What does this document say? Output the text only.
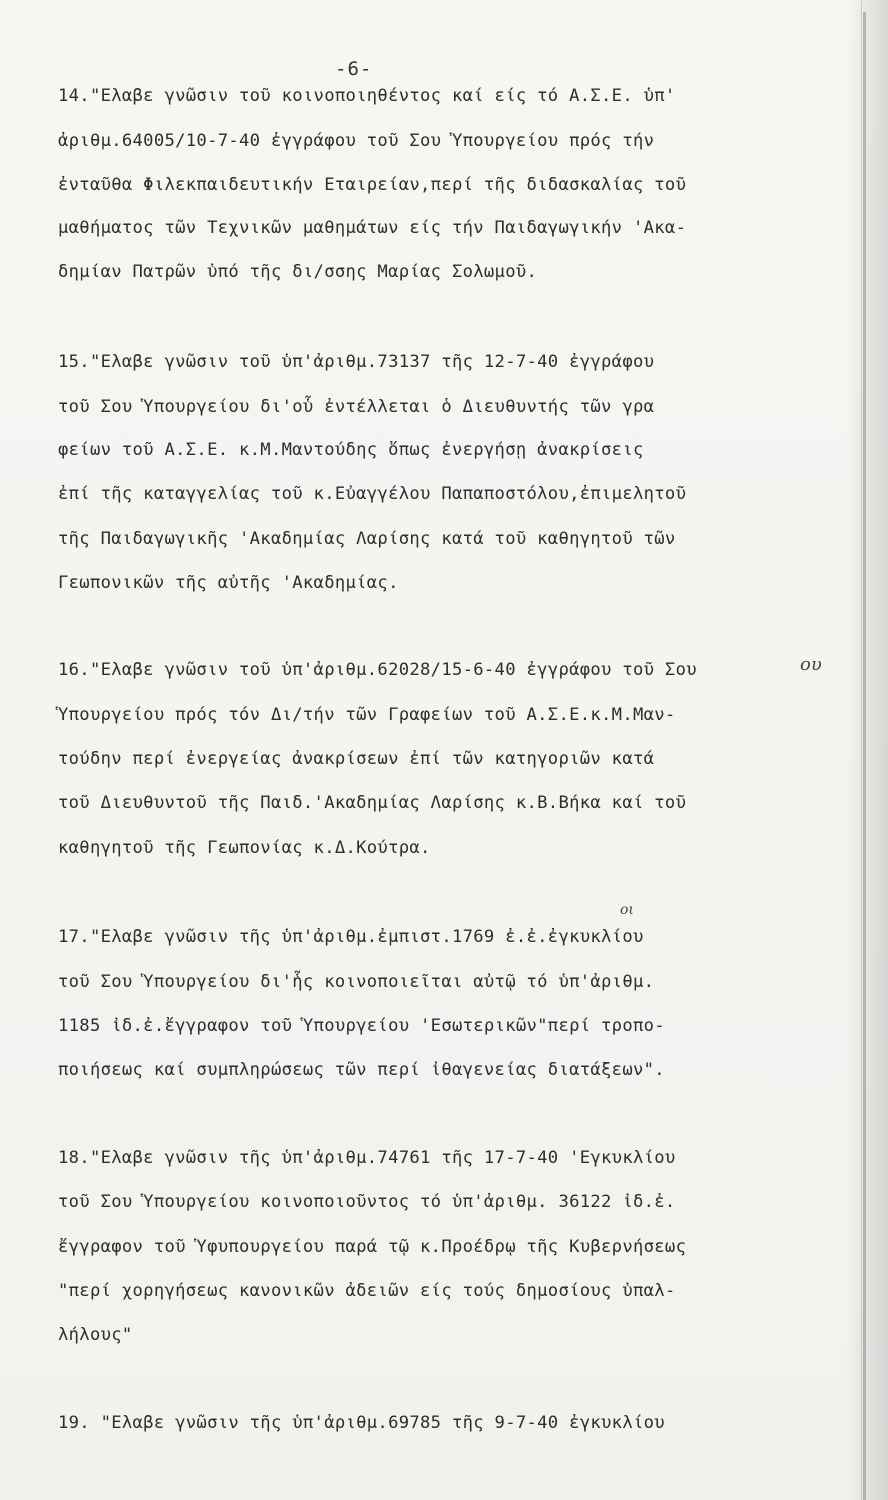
-6-
14."Ελαβε γνῶσιν τοῦ κοινοποιηθέντος καί είς τό Α.Σ.Ε. ὑπ'
ἀριθμ.64005/10-7-40 ἐγγράφου τοῦ Σου Ὑπουργείου πρός τήν
ἐνταῦθα Φιλεκπαιδευτικήν Εταιρείαν,περί τῆς διδασκαλίας τοῦ
μαθήματος τῶν Τεχνικῶν μαθημάτων είς τήν Παιδαγωγικήν 'Ακα-
δημίαν Πατρῶν ὑπό τῆς δι/σσης Μαρίας Σολωμοῦ.
15."Ελαβε γνῶσιν τοῦ ὑπ'ἀριθμ.73137 τῆς 12-7-40 ἐγγράφου
τοῦ Σου Ὑπουργείου δι'οὗ ἐντέλλεται ὁ Διευθυντής τῶν γρα
φείων τοῦ Α.Σ.Ε. κ.Μ.Μαντούδης ὅπως ἐνεργήσῃ ἀνακρίσεις
ἐπί τῆς καταγγελίας τοῦ κ.Εὐαγγέλου Παπαποστόλου,ἐπιμελητοῦ
τῆς Παιδαγωγικῆς 'Ακαδημίας Λαρίσης κατά τοῦ καθηγητοῦ τῶν
Γεωπονικῶν τῆς αὐτῆς 'Ακαδημίας.
16."Ελαβε γνῶσιν τοῦ ὑπ'ἀριθμ.62028/15-6-40 ἐγγράφου τοῦ Σου
Ὑπουργείου πρός τόν Δι/τήν τῶν Γραφείων τοῦ Α.Σ.Ε.κ.Μ.Μαν-
τούδην περί ἐνεργείας ἀνακρίσεων ἐπί τῶν κατηγοριῶν κατά
τοῦ Διευθυντοῦ τῆς Παιδ.'Ακαδημίας Λαρίσης κ.Β.Βήκα καί τοῦ
καθηγητοῦ τῆς Γεωπονίας κ.Δ.Κούτρα.
17."Ελαβε γνῶσιν τῆς ὑπ'ἀριθμ.ἐμπιστ.1769 ἐ.ἐ.ἐγκυκλίου
τοῦ Σου Ὑπουργείου δι'ἧς κοινοποιεῖται αὐτῷ τό ὑπ'ἀριθμ.
1185 ἰδ.ἐ.ἔγγραφον τοῦ Ὑπουργείου 'Εσωτερικῶν"περί τροπο-
ποιήσεως καί συμπληρώσεως τῶν περί ἰθαγενείας διατάξεων".
18."Ελαβε γνῶσιν τῆς ὑπ'ἀριθμ.74761 τῆς 17-7-40 'Εγκυκλίου
τοῦ Σου Ὑπουργείου κοινοποιοῦντος τό ὑπ'ἀριθμ. 36122 ἰδ.ἐ.
ἔγγραφον τοῦ Ὑφυπουργείου παρά τῷ κ.Προέδρῳ τῆς Κυβερνήσεως
"περί χορηγήσεως κανονικῶν ἀδειῶν είς τούς δημοσίους ὑπαλ-
λήλους"
19. "Ελαβε γνῶσιν τῆς ὑπ'ἀριθμ.69785 τῆς 9-7-40 ἐγκυκλίου
ου
οι
